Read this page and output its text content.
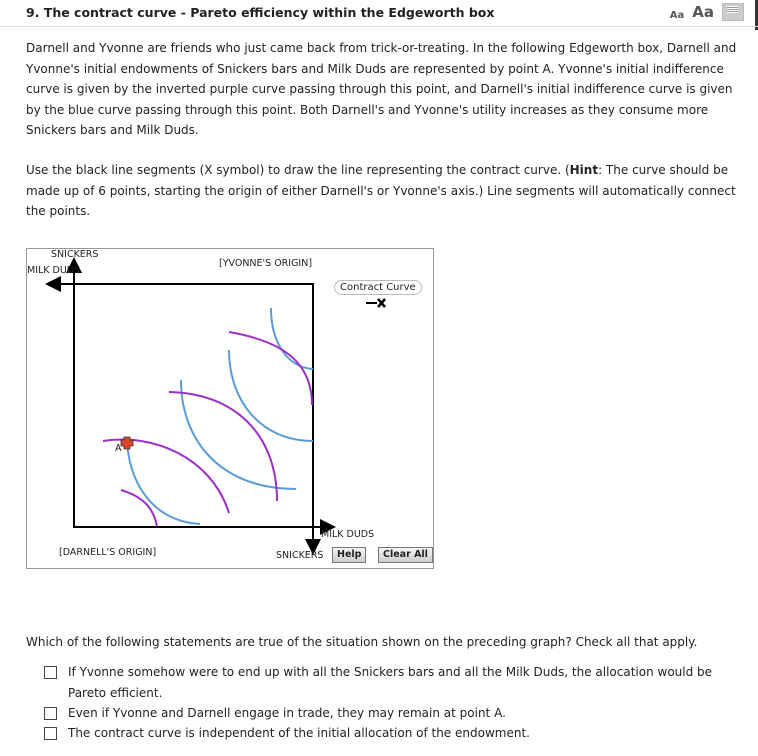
9. The contract curve - Pareto efficiency within the Edgeworth box	Aa Aa

Darnell and Yvonne are friends who just came back from trick-or-treating. In the following Edgeworth box, Darnell and Yvonne's initial endowments of Snickers bars and Milk Duds are represented by point A. Yvonne's initial indifference curve is given by the inverted purple curve passing through this point, and Darnell's initial indifference curve is given by the blue curve passing through this point. Both Darnell's and Yvonne's utility increases as they consume more Snickers bars and Milk Duds.

Use the black line segments (X symbol) to draw the line representing the contract curve. (Hint: The curve should be made up of 6 points, starting the origin of either Darnell's or Yvonne's axis.) Line segments will automatically connect the points.

SNICKERS
MILK DUDS
[YVONNE'S ORIGIN]
[DARNELL'S ORIGIN]
MILK DUDS
SNICKERS
A
Contract Curve
Help	Clear All

Which of the following statements are true of the situation shown on the preceding graph? Check all that apply.

If Yvonne somehow were to end up with all the Snickers bars and all the Milk Duds, the allocation would be Pareto efficient.
Even if Yvonne and Darnell engage in trade, they may remain at point A.
The contract curve is independent of the initial allocation of the endowment.
